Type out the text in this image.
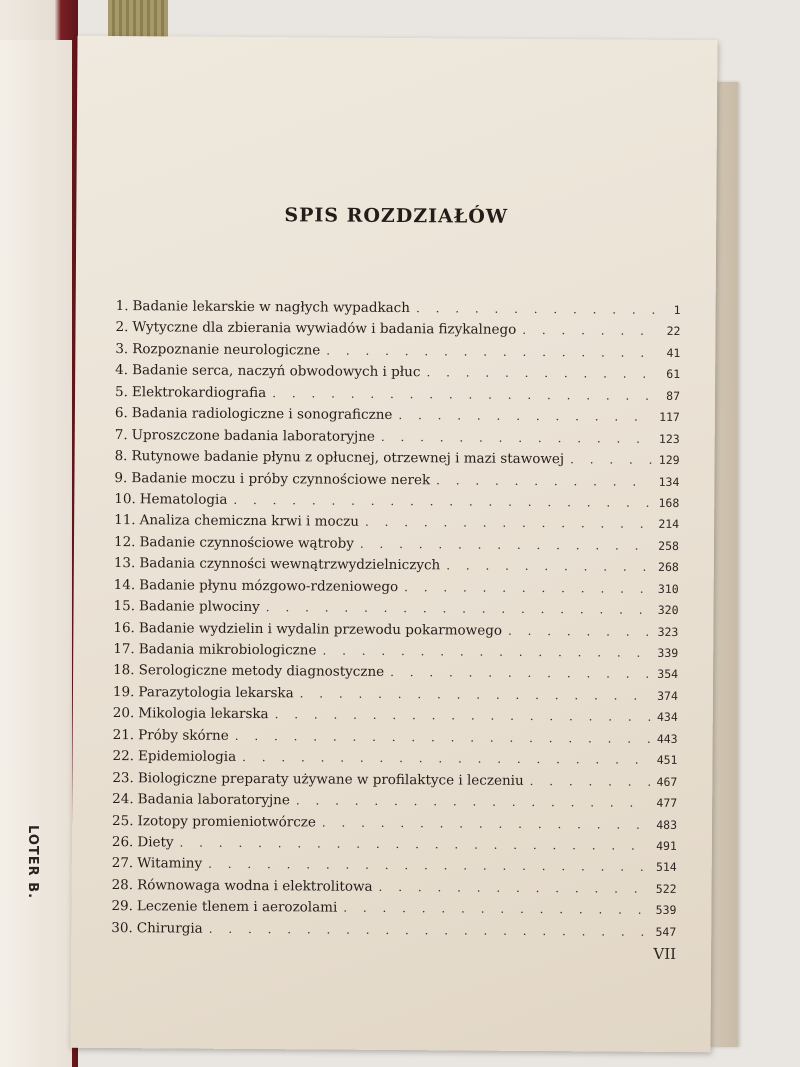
LOTER B.
SPIS ROZDZIAŁÓW
1. Badanie lekarskie w nagłych wypadkach . . .	1
2. Wytyczne dla zbierania wywiadów i badania fizykalnego . . .	22
3. Rozpoznanie neurologiczne . . .	41
4. Badanie serca, naczyń obwodowych i płuc . . .	61
5. Elektrokardiografia . . .	87
6. Badania radiologiczne i sonograficzne . . .	117
7. Uproszczone badania laboratoryjne . . .	123
8. Rutynowe badanie płynu z opłucnej, otrzewnej i mazi stawowej . . .	129
9. Badanie moczu i próby czynnościowe nerek . . .	134
10. Hematologia . . .	168
11. Analiza chemiczna krwi i moczu . . .	214
12. Badanie czynnościowe wątroby . . .	258
13. Badania czynności wewnątrzwydzielniczych . . .	268
14. Badanie płynu mózgowo-rdzeniowego . . .	310
15. Badanie plwociny . . .	320
16. Badanie wydzielin i wydalin przewodu pokarmowego . . .	323
17. Badania mikrobiologiczne . . .	339
18. Serologiczne metody diagnostyczne . . .	354
19. Parazytologia lekarska . . .	374
20. Mikologia lekarska . . .	434
21. Próby skórne . . .	443
22. Epidemiologia . . .	451
23. Biologiczne preparaty używane w profilaktyce i leczeniu . . .	467
24. Badania laboratoryjne . . .	477
25. Izotopy promieniotwórcze . . .	483
26. Diety . . .	491
27. Witaminy . . .	514
28. Równowaga wodna i elektrolitowa . . .	522
29. Leczenie tlenem i aerozolami . . .	539
30. Chirurgia . . .	547
VII
